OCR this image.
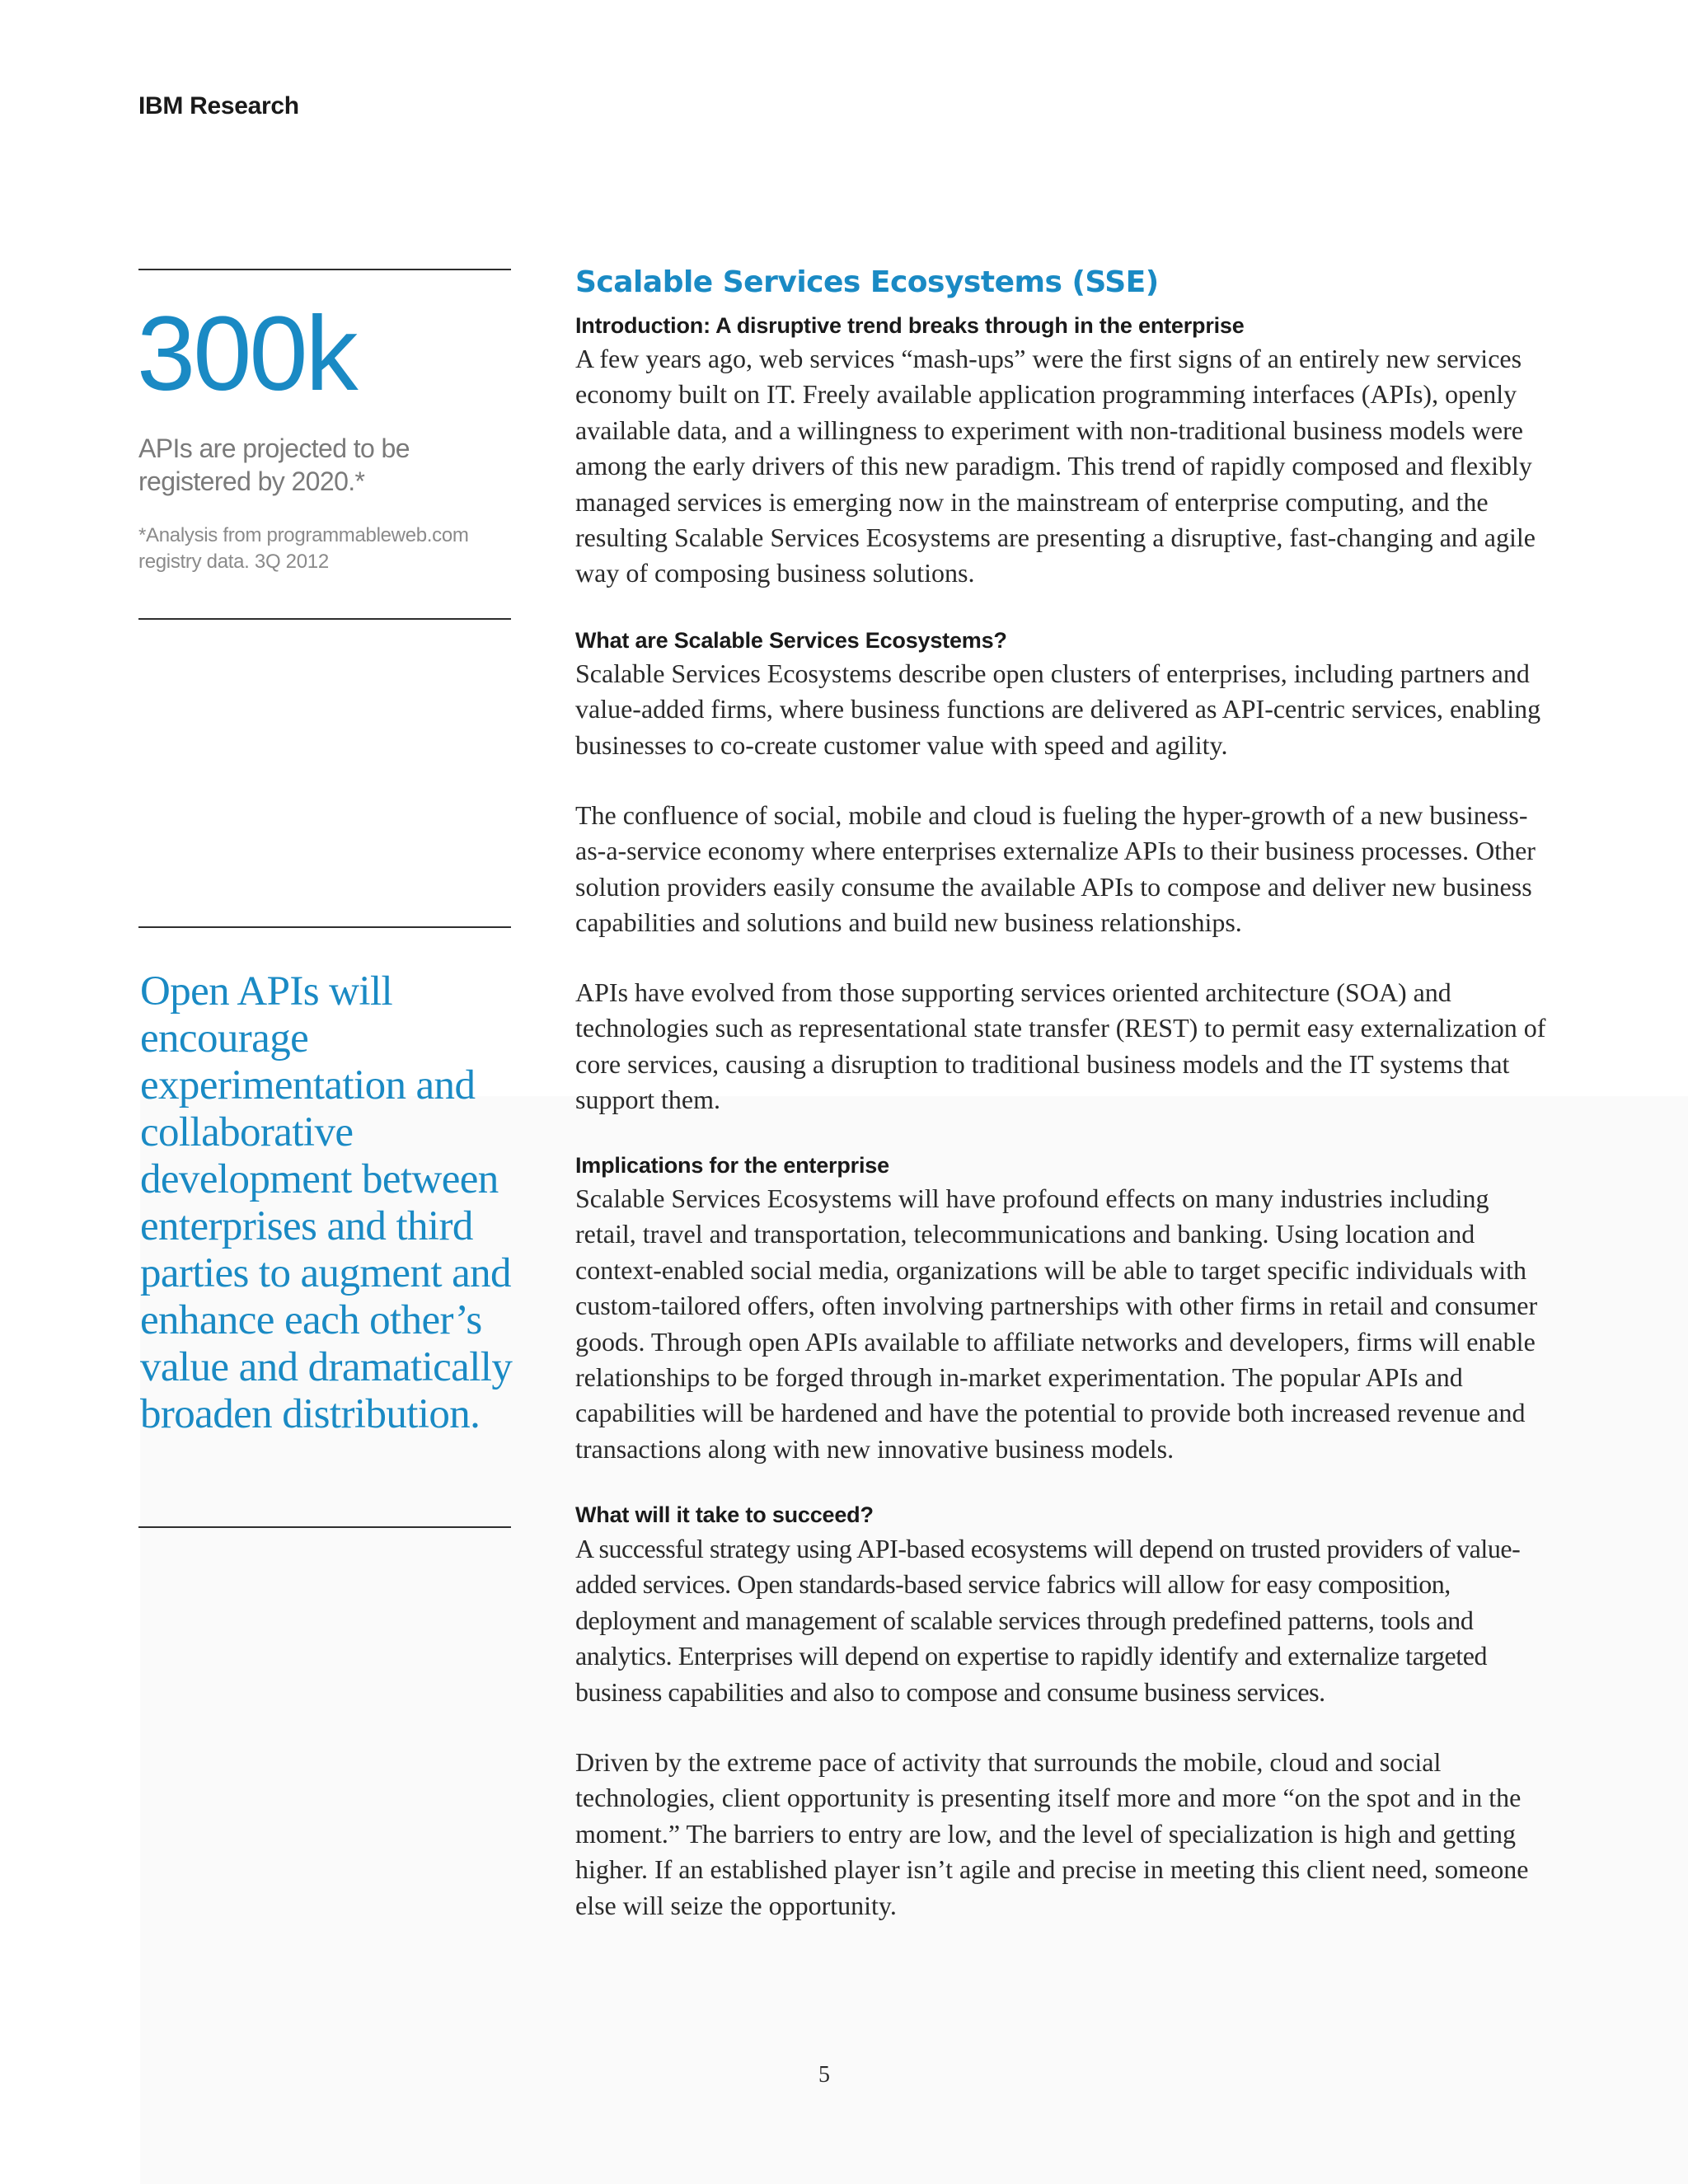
IBM Research
300k
APIs are projected to be registered by 2020.*
*Analysis from programmableweb.com registry data. 3Q 2012
Open APIs will encourage experimentation and collaborative development between enterprises and third parties to augment and enhance each other’s value and dramatically broaden distribution.
Scalable Services Ecosystems (SSE)
Introduction: A disruptive trend breaks through in the enterprise
A few years ago, web services “mash-ups” were the first signs of an entirely new services economy built on IT. Freely available application programming interfaces (APIs), openly available data, and a willingness to experiment with non-traditional business models were among the early drivers of this new paradigm. This trend of rapidly composed and flexibly managed services is emerging now in the mainstream of enterprise computing, and the resulting Scalable Services Ecosystems are presenting a disruptive, fast-changing and agile way of composing business solutions.
What are Scalable Services Ecosystems?
Scalable Services Ecosystems describe open clusters of enterprises, including partners and value-added firms, where business functions are delivered as API-centric services, enabling businesses to co-create customer value with speed and agility.
The confluence of social, mobile and cloud is fueling the hyper-growth of a new business-as-a-service economy where enterprises externalize APIs to their business processes. Other solution providers easily consume the available APIs to compose and deliver new business capabilities and solutions and build new business relationships.
APIs have evolved from those supporting services oriented architecture (SOA) and technologies such as representational state transfer (REST) to permit easy externalization of core services, causing a disruption to traditional business models and the IT systems that support them.
Implications for the enterprise
Scalable Services Ecosystems will have profound effects on many industries including retail, travel and transportation, telecommunications and banking. Using location and context-enabled social media, organizations will be able to target specific individuals with custom-tailored offers, often involving partnerships with other firms in retail and consumer goods. Through open APIs available to affiliate networks and developers, firms will enable relationships to be forged through in-market experimentation. The popular APIs and capabilities will be hardened and have the potential to provide both increased revenue and transactions along with new innovative business models.
What will it take to succeed?
A successful strategy using API-based ecosystems will depend on trusted providers of value-added services. Open standards-based service fabrics will allow for easy composition, deployment and management of scalable services through predefined patterns, tools and analytics. Enterprises will depend on expertise to rapidly identify and externalize targeted business capabilities and also to compose and consume business services.
Driven by the extreme pace of activity that surrounds the mobile, cloud and social technologies, client opportunity is presenting itself more and more “on the spot and in the moment.” The barriers to entry are low, and the level of specialization is high and getting higher. If an established player isn’t agile and precise in meeting this client need, someone else will seize the opportunity.
5
